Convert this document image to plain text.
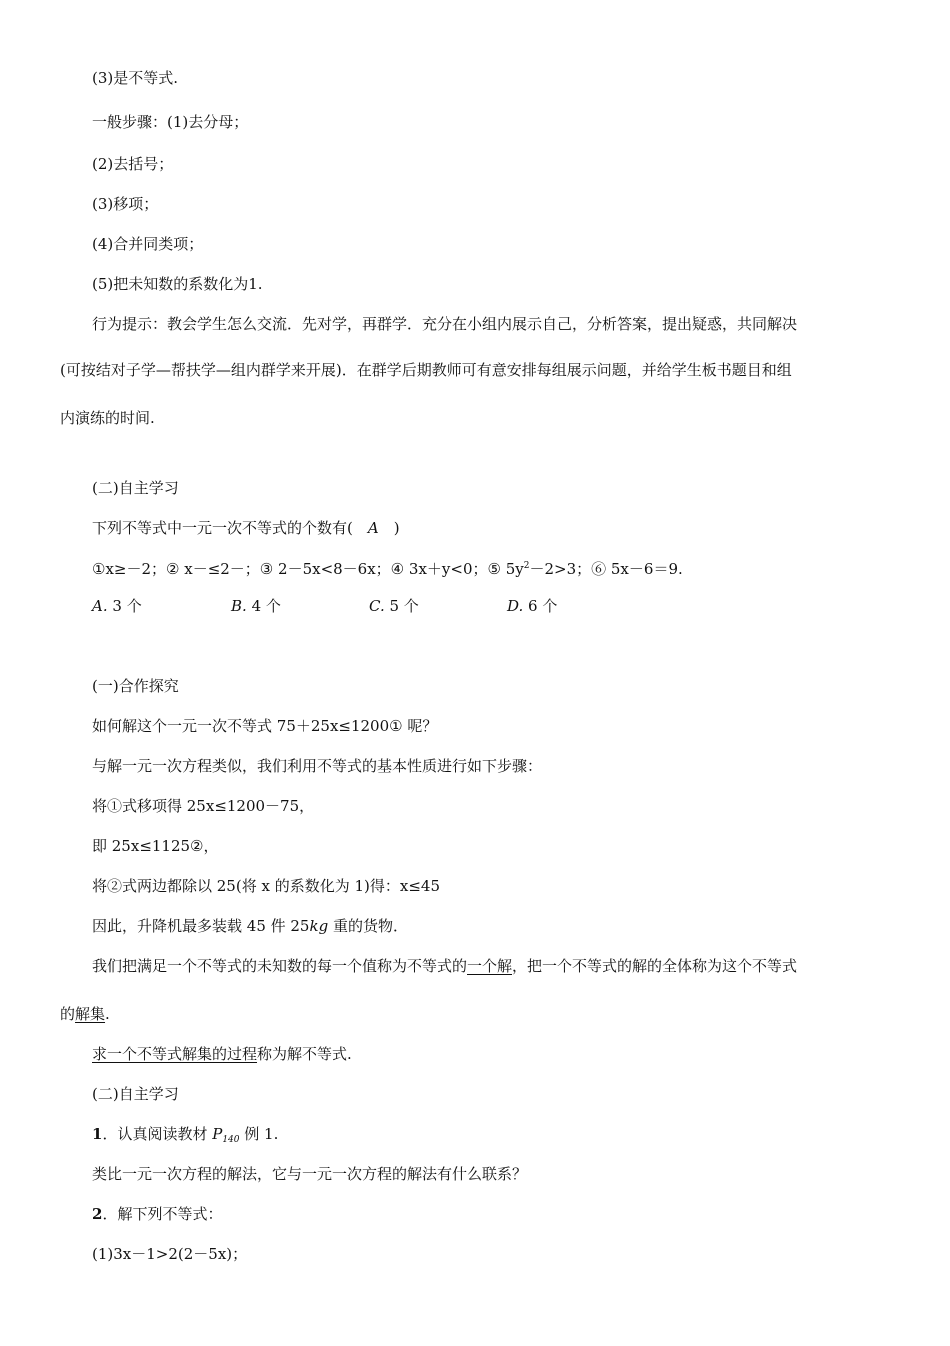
(3)是不等式.
一般步骤：(1)去分母；
(2)去括号；
(3)移项；
(4)合并同类项；
(5)把未知数的系数化为1.
行为提示：教会学生怎么交流．先对学，再群学．充分在小组内展示自己，分析答案，提出疑惑，共同解决
(可按结对子学—帮扶学—组内群学来开展)．在群学后期教师可有意安排每组展示问题，并给学生板书题目和组
内演练的时间.
(二)自主学习
下列不等式中一元一次不等式的个数有(　A　)
①x≥－2；② x－≤2－；③ 2－5x<8－6x；④ 3x＋y<0；⑤ $5y^2-2>3$；⑥ 5x－6＝9.
A. 3 个	B. 4 个	C. 5 个	D. 6 个
(一)合作探究
如何解这个一元一次不等式 75＋25x≤1200① 呢？
与解一元一次方程类似，我们利用不等式的基本性质进行如下步骤：
将①式移项得 25x≤1200－75，
即 25x≤1125②，
将②式两边都除以 25(将 x 的系数化为 1)得：x≤45
因此，升降机最多装载 45 件 25kg 重的货物．
我们把满足一个不等式的未知数的每一个值称为不等式的一个解，把一个不等式的解的全体称为这个不等式
的解集.
求一个不等式解集的过程称为解不等式.
(二)自主学习
1．认真阅读教材 $P_{140}$ 例 1.
类比一元一次方程的解法，它与一元一次方程的解法有什么联系？
2．解下列不等式：
(1)3x－1>2(2－5x)；
